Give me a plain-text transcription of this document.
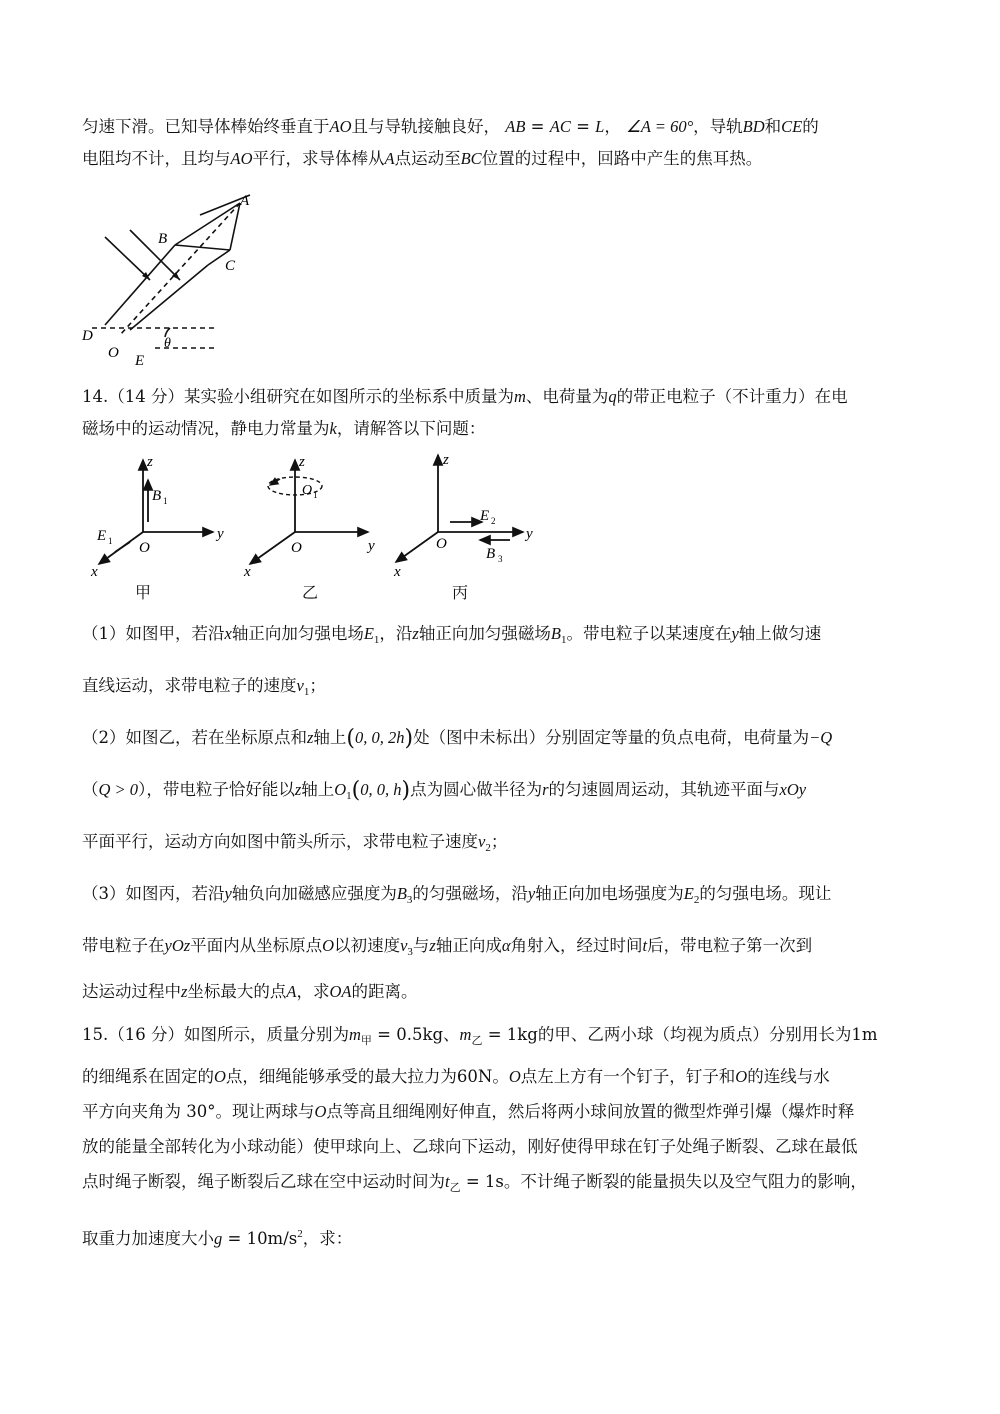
匀速下滑。已知导体棒始终垂直于AO且与导轨接触良好， AB = AC = L， ∠A = 60°，导轨BD和CE的
电阻均不计，且均与AO平行，求导体棒从A点运动至BC位置的过程中，回路中产生的焦耳热。
A
B
C
D
O E
θ
14.（14 分）某实验小组研究在如图所示的坐标系中质量为m、电荷量为q的带正电粒子（不计重力）在电
磁场中的运动情况，静电力常量为k，请解答以下问题：
z
y
x
O
B 1
E 1
甲
z
y
x
O
O 1
乙
z
y
x
O
E 2
B 3
丙
（1）如图甲，若沿x轴正向加匀强电场$E_1$，沿z轴正向加匀强磁场$B_1$。带电粒子以某速度在y轴上做匀速
直线运动，求带电粒子的速度$v_1$；
（2）如图乙，若在坐标原点和z轴上(0, 0, 2h)处（图中未标出）分别固定等量的负点电荷，电荷量为−Q
（Q > 0），带电粒子恰好能以z轴上$O_1(0$, 0, h)点为圆心做半径为r的匀速圆周运动，其轨迹平面与xOy
平面平行，运动方向如图中箭头所示，求带电粒子速度$v_2$；
（3）如图丙，若沿y轴负向加磁感应强度为$B_3$的匀强磁场，沿y轴正向加电场强度为$E_2$的匀强电场。现让
带电粒子在yOz平面内从坐标原点O以初速度$v_3$与z轴正向成α角射入，经过时间t后，带电粒子第一次到
达运动过程中z坐标最大的点A，求OA的距离。
15.（16 分）如图所示，质量分别为$m_甲 = 0.5kg$、$m_乙 = 1kg$的甲、乙两小球（均视为质点）分别用长为1m
的细绳系在固定的O点，细绳能够承受的最大拉力为60N。O点左上方有一个钉子，钉子和O的连线与水
平方向夹角为 30°。现让两球与O点等高且细绳刚好伸直，然后将两小球间放置的微型炸弹引爆（爆炸时释
放的能量全部转化为小球动能）使甲球向上、乙球向下运动，刚好使得甲球在钉子处绳子断裂、乙球在最低
点时绳子断裂，绳子断裂后乙球在空中运动时间为$t_乙 = 1s$。不计绳子断裂的能量损失以及空气阻力的影响，
取重力加速度大小$g = 10m/s^2$，求：
